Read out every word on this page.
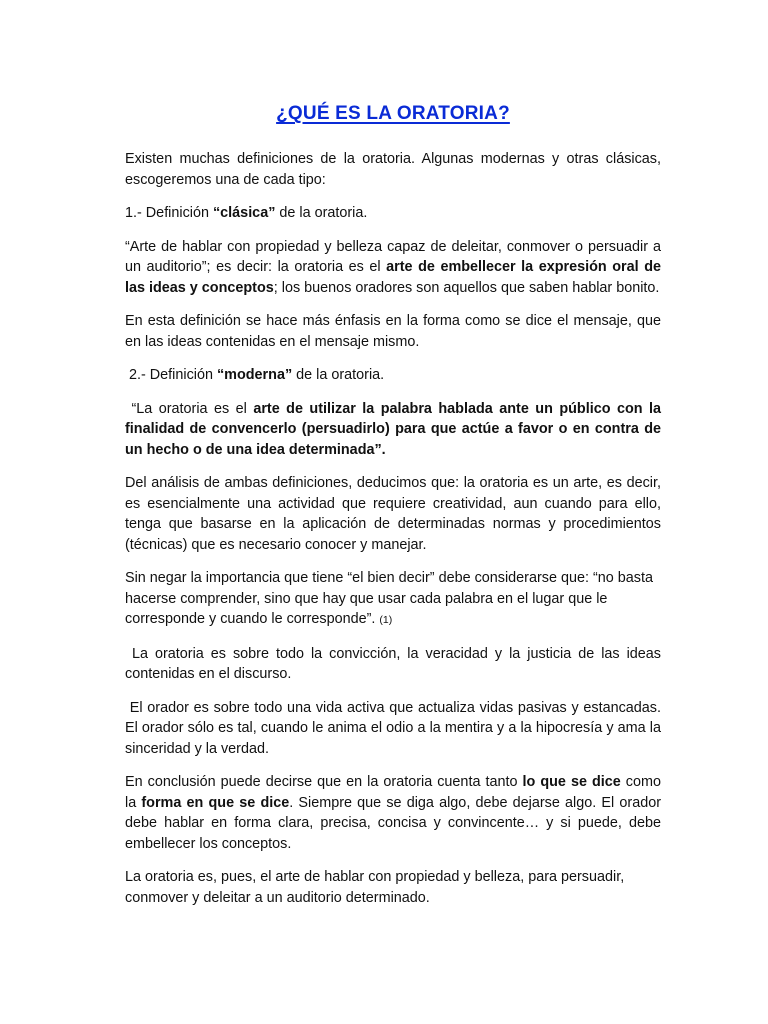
¿QUÉ ES LA ORATORIA?

Existen muchas definiciones de la oratoria. Algunas modernas y otras clásicas, escogeremos una de cada tipo:

1.- Definición “clásica” de la oratoria.

“Arte de hablar con propiedad y belleza capaz de deleitar, conmover o persuadir a un auditorio”; es decir: la oratoria es el arte de embellecer la expresión oral de las ideas y conceptos; los buenos oradores son aquellos que saben hablar bonito.

En esta definición se hace más énfasis en la forma como se dice el mensaje, que en las ideas contenidas en el mensaje mismo.

2.- Definición “moderna” de la oratoria.

“La oratoria es el arte de utilizar la palabra hablada ante un público con la finalidad de convencerlo (persuadirlo) para que actúe a favor o en contra de un hecho o de una idea determinada”.

Del análisis de ambas definiciones, deducimos que: la oratoria es un arte, es decir, es esencialmente una actividad que requiere creatividad, aun cuando para ello, tenga que basarse en la aplicación de determinadas normas y procedimientos (técnicas) que es necesario conocer y manejar.

Sin negar la importancia que tiene “el bien decir” debe considerarse que: “no basta hacerse comprender, sino que hay que usar cada palabra en el lugar que le corresponde y cuando le corresponde”. (1)

La oratoria es sobre todo la convicción, la veracidad y la justicia de las ideas contenidas en el discurso.

El orador es sobre todo una vida activa que actualiza vidas pasivas y estancadas. El orador sólo es tal, cuando le anima el odio a la mentira y a la hipocresía y ama la sinceridad y la verdad.

En conclusión puede decirse que en la oratoria cuenta tanto lo que se dice como la forma en que se dice. Siempre que se diga algo, debe dejarse algo. El orador debe hablar en forma clara, precisa, concisa y convincente… y si puede, debe embellecer los conceptos.

La oratoria es, pues, el arte de hablar con propiedad y belleza, para persuadir, conmover y deleitar a un auditorio determinado.
